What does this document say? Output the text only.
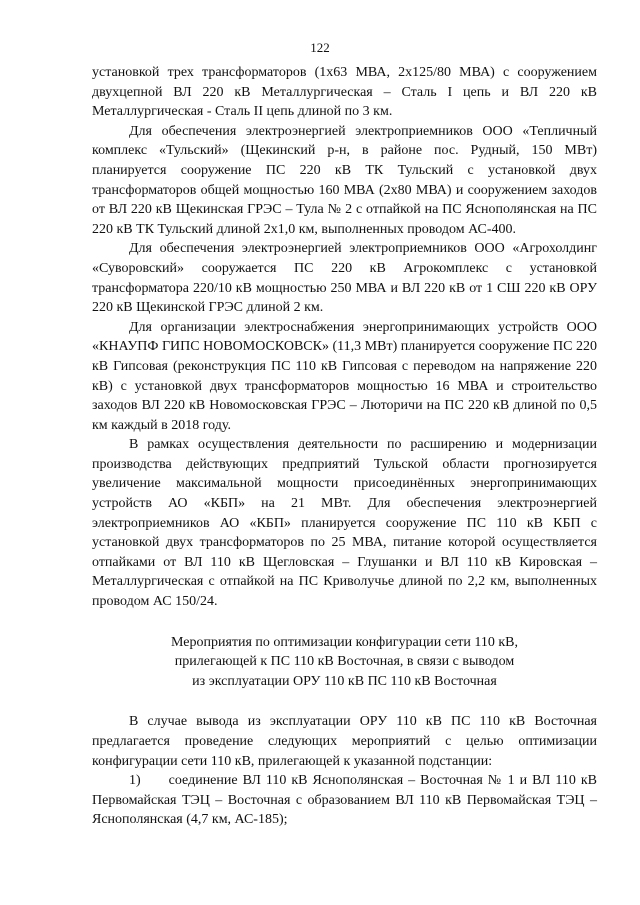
122

установкой трех трансформаторов (1x63 МВА, 2x125/80 МВА) с сооружением двухцепной ВЛ 220 кВ Металлургическая – Сталь I цепь и ВЛ 220 кВ Металлургическая - Сталь II цепь длиной по 3 км.

Для обеспечения электроэнергией электроприемников ООО «Тепличный комплекс «Тульский» (Щекинский р-н, в районе пос. Рудный, 150 МВт) планируется сооружение ПС 220 кВ ТК Тульский с установкой двух трансформаторов общей мощностью 160 МВА (2x80 МВА) и сооружением заходов от ВЛ 220 кВ Щекинская ГРЭС – Тула № 2 с отпайкой на ПС Яснополянская на ПС 220 кВ ТК Тульский длиной 2x1,0 км, выполненных проводом АС-400.

Для обеспечения электроэнергией электроприемников ООО «Агрохолдинг «Суворовский» сооружается ПС 220 кВ Агрокомплекс с установкой трансформатора 220/10 кВ мощностью 250 МВА и ВЛ 220 кВ от 1 СШ 220 кВ ОРУ 220 кВ Щекинской ГРЭС длиной 2 км.

Для организации электроснабжения энергопринимающих устройств ООО «КНАУПФ ГИПС НОВОМОСКОВСК» (11,3 МВт) планируется сооружение ПС 220 кВ Гипсовая (реконструкция ПС 110 кВ Гипсовая с переводом на напряжение 220 кВ) с установкой двух трансформаторов мощностью 16 МВА и строительство заходов ВЛ 220 кВ Новомосковская ГРЭС – Лютоpичи на ПС 220 кВ длиной по 0,5 км каждый в 2018 году.

В рамках осуществления деятельности по расширению и модернизации производства действующих предприятий Тульской области прогнозируется увеличение максимальной мощности присоединённых энергопринимающих устройств АО «КБП» на 21 МВт. Для обеспечения электроэнергией электроприемников АО «КБП» планируется сооружение ПС 110 кВ КБП с установкой двух трансформаторов по 25 МВА, питание которой осуществляется отпайками от ВЛ 110 кВ Щегловская – Глушанки и ВЛ 110 кВ Кировская – Металлургическая с отпайкой на ПС Криволучье длиной по 2,2 км, выполненных проводом АС 150/24.

Мероприятия по оптимизации конфигурации сети 110 кВ,
прилегающей к ПС 110 кВ Восточная, в связи с выводом
из эксплуатации ОРУ 110 кВ ПС 110 кВ Восточная

В случае вывода из эксплуатации ОРУ 110 кВ ПС 110 кВ Восточная предлагается проведение следующих мероприятий с целью оптимизации конфигурации сети 110 кВ, прилегающей к указанной подстанции:

1)  соединение ВЛ 110 кВ Яснополянская – Восточная № 1 и ВЛ 110 кВ Первомайская ТЭЦ – Восточная с образованием ВЛ 110 кВ Первомайская ТЭЦ – Яснополянская (4,7 км, АС-185);
